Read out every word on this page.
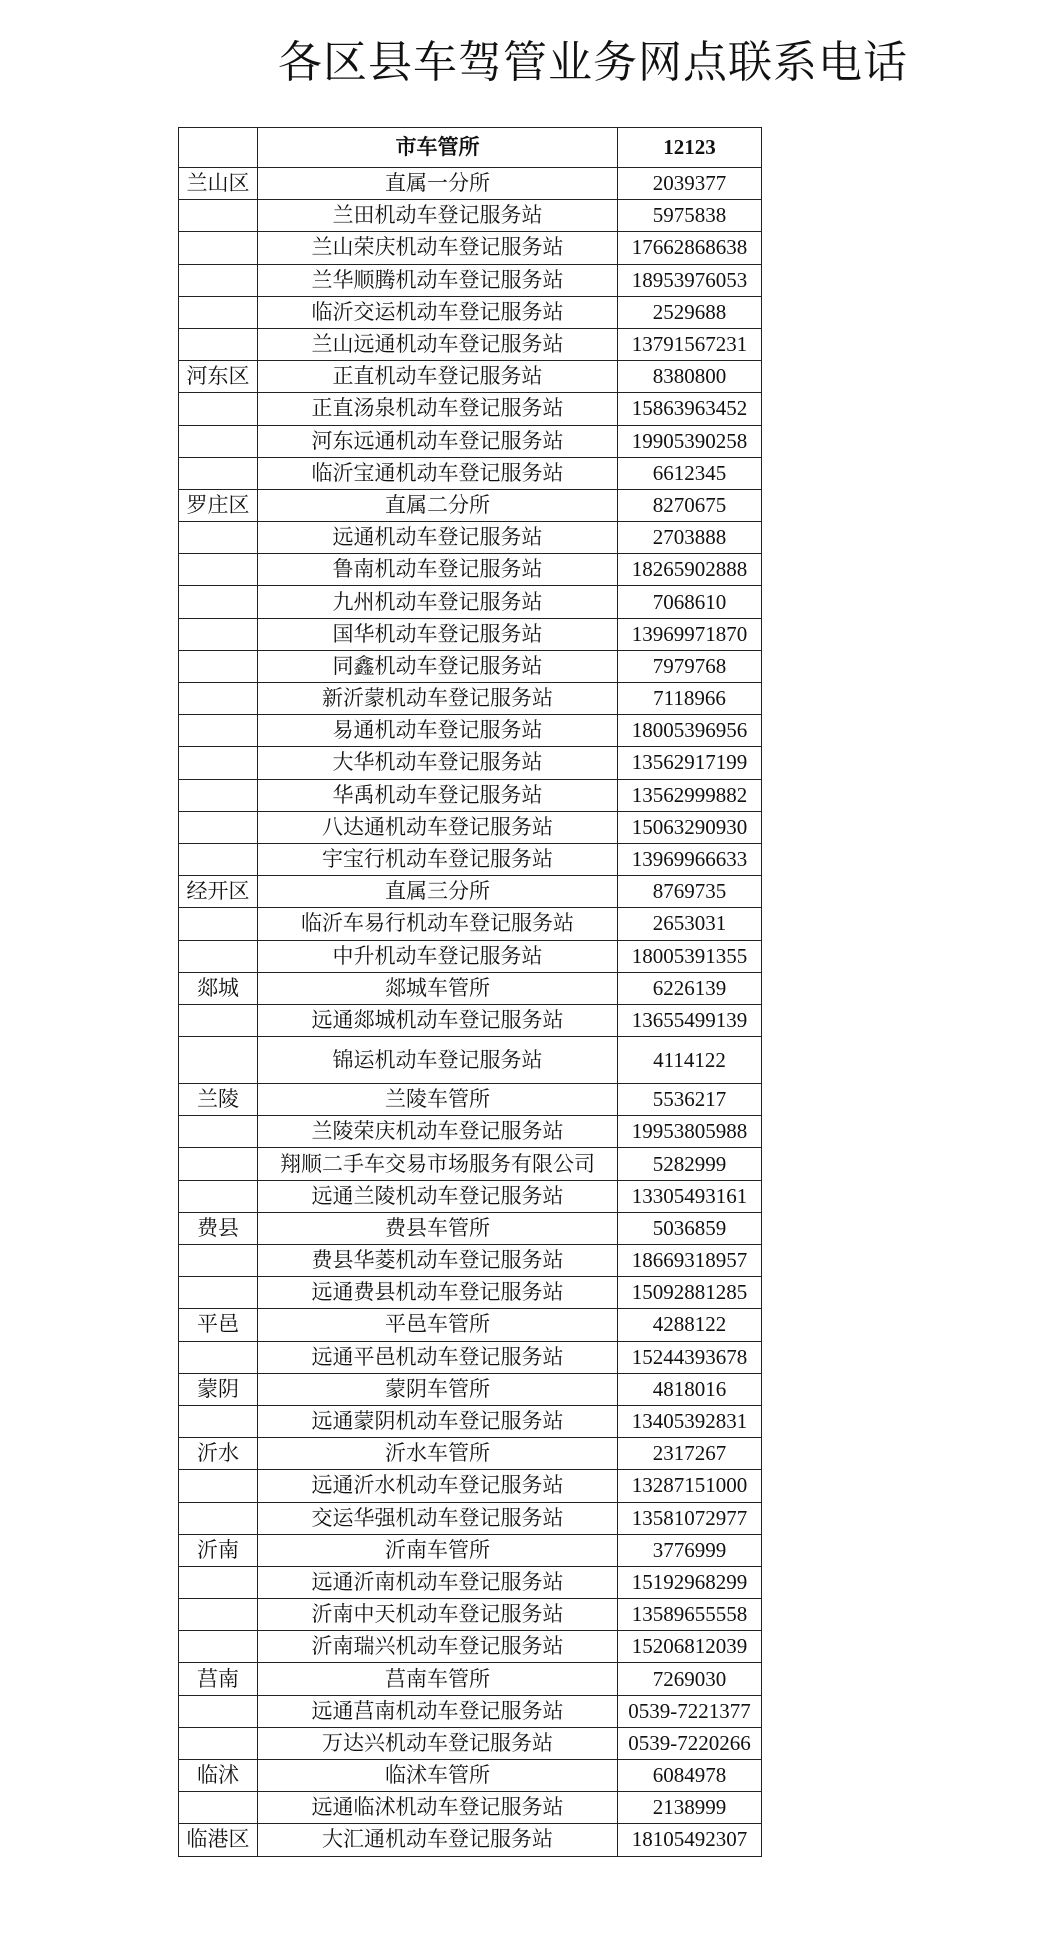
各区县车驾管业务网点联系电话
	市车管所	12123
兰山区	直属一分所	2039377
	兰田机动车登记服务站	5975838
	兰山荣庆机动车登记服务站	17662868638
	兰华顺腾机动车登记服务站	18953976053
	临沂交运机动车登记服务站	2529688
	兰山远通机动车登记服务站	13791567231
河东区	正直机动车登记服务站	8380800
	正直汤泉机动车登记服务站	15863963452
	河东远通机动车登记服务站	19905390258
	临沂宝通机动车登记服务站	6612345
罗庄区	直属二分所	8270675
	远通机动车登记服务站	2703888
	鲁南机动车登记服务站	18265902888
	九州机动车登记服务站	7068610
	国华机动车登记服务站	13969971870
	同鑫机动车登记服务站	7979768
	新沂蒙机动车登记服务站	7118966
	易通机动车登记服务站	18005396956
	大华机动车登记服务站	13562917199
	华禹机动车登记服务站	13562999882
	八达通机动车登记服务站	15063290930
	宇宝行机动车登记服务站	13969966633
经开区	直属三分所	8769735
	临沂车易行机动车登记服务站	2653031
	中升机动车登记服务站	18005391355
郯城	郯城车管所	6226139
	远通郯城机动车登记服务站	13655499139
	锦运机动车登记服务站	4114122
兰陵	兰陵车管所	5536217
	兰陵荣庆机动车登记服务站	19953805988
	翔顺二手车交易市场服务有限公司	5282999
	远通兰陵机动车登记服务站	13305493161
费县	费县车管所	5036859
	费县华菱机动车登记服务站	18669318957
	远通费县机动车登记服务站	15092881285
平邑	平邑车管所	4288122
	远通平邑机动车登记服务站	15244393678
蒙阴	蒙阴车管所	4818016
	远通蒙阴机动车登记服务站	13405392831
沂水	沂水车管所	2317267
	远通沂水机动车登记服务站	13287151000
	交运华强机动车登记服务站	13581072977
沂南	沂南车管所	3776999
	远通沂南机动车登记服务站	15192968299
	沂南中天机动车登记服务站	13589655558
	沂南瑞兴机动车登记服务站	15206812039
莒南	莒南车管所	7269030
	远通莒南机动车登记服务站	0539-7221377
	万达兴机动车登记服务站	0539-7220266
临沭	临沭车管所	6084978
	远通临沭机动车登记服务站	2138999
临港区	大汇通机动车登记服务站	18105492307
